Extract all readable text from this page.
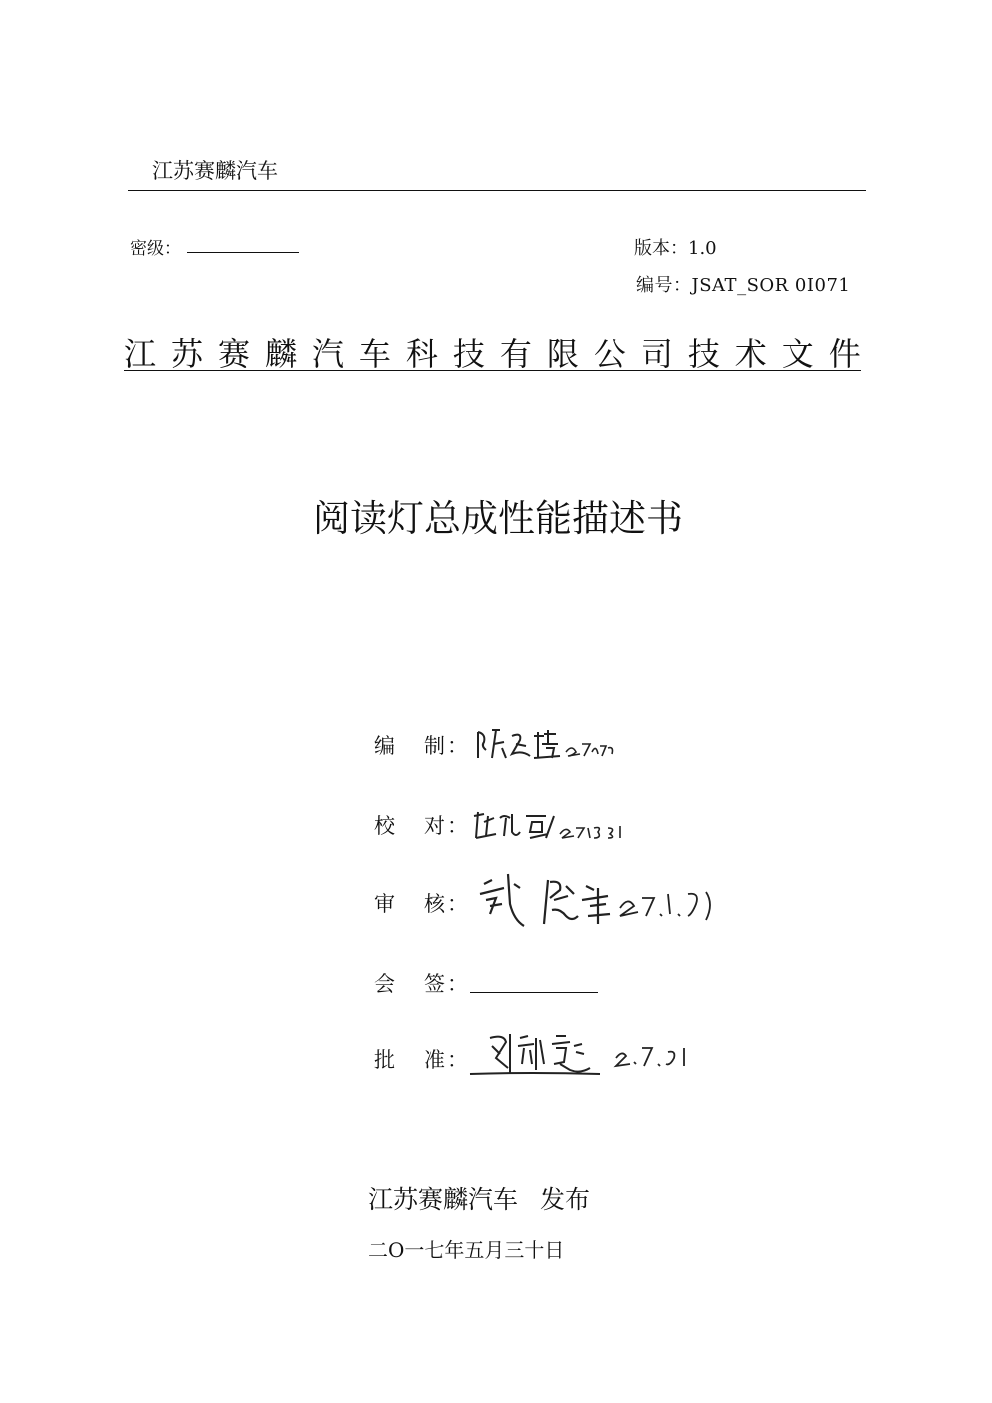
江苏赛麟汽车
密级：	版本：1.0
编号：JSAT_SOR 0I071
江 苏 赛 麟 汽 车 科 技 有 限 公 司 技 术 文 件
阅读灯总成性能描述书
编 制 ：
校 对 ：
审 核 ：
会 签 ：
批 准 ：
江苏赛麟汽车 发布
二O一七年五月三十日
